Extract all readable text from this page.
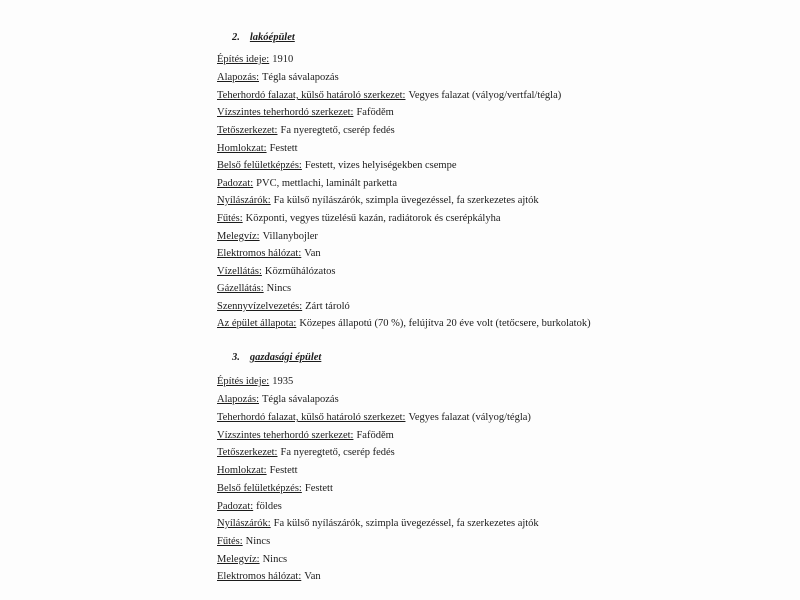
2. lakóépület
Építés ideje: 1910
Alapozás: Tégla sávalapozás
Teherhordó falazat, külső határoló szerkezet: Vegyes falazat (vályog/vertfal/tégla)
Vízszintes teherhordó szerkezet: Faföděm
Tetőszerkezet: Fa nyeregtető, cserép fedés
Homlokzat: Festett
Belső felületképzés: Festett, vizes helyiségekben csempe
Padozat: PVC, mettlachi, laminált parketta
Nyílászárók: Fa külső nyílászárók, szimpla üvegezéssel, fa szerkezetes ajtók
Fűtés: Központi, vegyes tüzelésű kazán, radiátorok és cserépkályha
Melegvíz: Villanybojler
Elektromos hálózat: Van
Vízellátás: Közműhálózatos
Gázellátás: Nincs
Szennyvízelvezetés: Zárt tároló
Az épület állapota: Közepes állapotú (70 %), felújítva 20 éve volt (tetőcsere, burkolatok)
3. gazdasági épület
Építés ideje: 1935
Alapozás: Tégla sávalapozás
Teherhordó falazat, külső határoló szerkezet: Vegyes falazat (vályog/tégla)
Vízszintes teherhordó szerkezet: Faföděm
Tetőszerkezet: Fa nyeregtető, cserép fedés
Homlokzat: Festett
Belső felületképzés: Festett
Padozat: földes
Nyílászárók: Fa külső nyílászárók, szimpla üvegezéssel, fa szerkezetes ajtók
Fűtés: Nincs
Melegvíz: Nincs
Elektromos hálózat: Van
